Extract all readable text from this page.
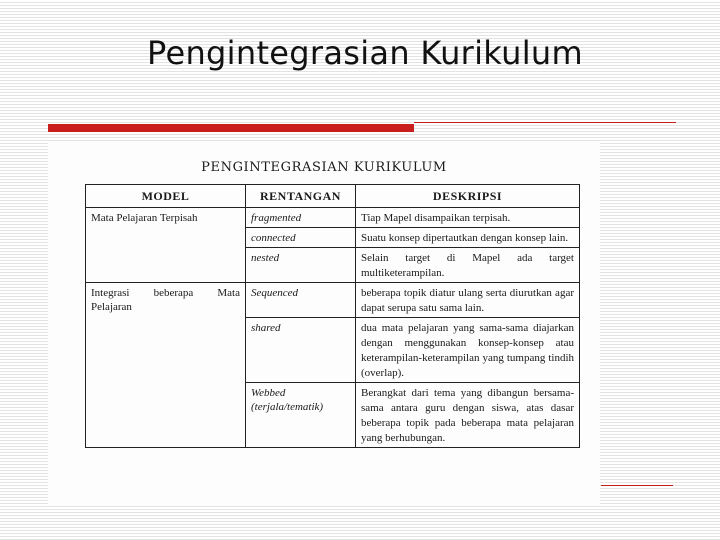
Pengintegrasian Kurikulum
PENGINTEGRASIAN KURIKULUM
MODEL	RENTANGAN	DESKRIPSI
Mata Pelajaran Terpisah	fragmented	Tiap Mapel disampaikan terpisah.
	connected	Suatu konsep dipertautkan dengan konsep lain.
	nested	Selain target di Mapel ada target multiketerampilan.
Integrasi beberapa Mata Pelajaran	Sequenced	beberapa topik diatur ulang serta diurutkan agar dapat serupa satu sama lain.
	shared	dua mata pelajaran yang sama-sama diajarkan dengan menggunakan konsep-konsep atau keterampilan-keterampilan yang tumpang tindih (overlap).
	Webbed (terjala/tematik)	Berangkat dari tema yang dibangun bersama-sama antara guru dengan siswa, atas dasar beberapa topik pada beberapa mata pelajaran yang berhubungan.
